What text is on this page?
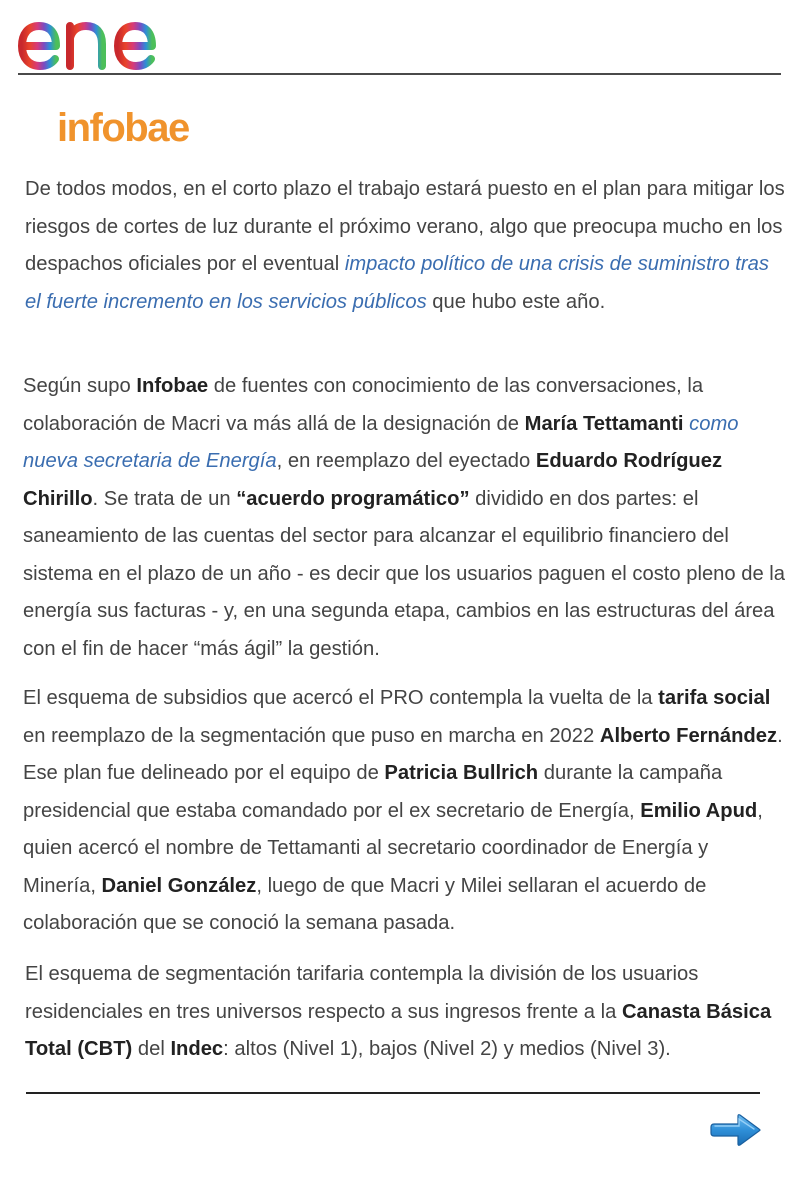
infobae

De todos modos, en el corto plazo el trabajo estará puesto en el plan para mitigar los riesgos de cortes de luz durante el próximo verano, algo que preocupa mucho en los despachos oficiales por el eventual impacto político de una crisis de suministro tras el fuerte incremento en los servicios públicos que hubo este año.

Según supo Infobae de fuentes con conocimiento de las conversaciones, la colaboración de Macri va más allá de la designación de María Tettamanti como nueva secretaria de Energía, en reemplazo del eyectado Eduardo Rodríguez Chirillo. Se trata de un “acuerdo programático” dividido en dos partes: el saneamiento de las cuentas del sector para alcanzar el equilibrio financiero del sistema en el plazo de un año - es decir que los usuarios paguen el costo pleno de la energía sus facturas - y, en una segunda etapa, cambios en las estructuras del área con el fin de hacer “más ágil” la gestión.

El esquema de subsidios que acercó el PRO contempla la vuelta de la tarifa social en reemplazo de la segmentación que puso en marcha en 2022 Alberto Fernández. Ese plan fue delineado por el equipo de Patricia Bullrich durante la campaña presidencial que estaba comandado por el ex secretario de Energía, Emilio Apud, quien acercó el nombre de Tettamanti al secretario coordinador de Energía y Minería, Daniel González, luego de que Macri y Milei sellaran el acuerdo de colaboración que se conoció la semana pasada.

El esquema de segmentación tarifaria contempla la división de los usuarios residenciales en tres universos respecto a sus ingresos frente a la Canasta Básica Total (CBT) del Indec: altos (Nivel 1), bajos (Nivel 2) y medios (Nivel 3).
